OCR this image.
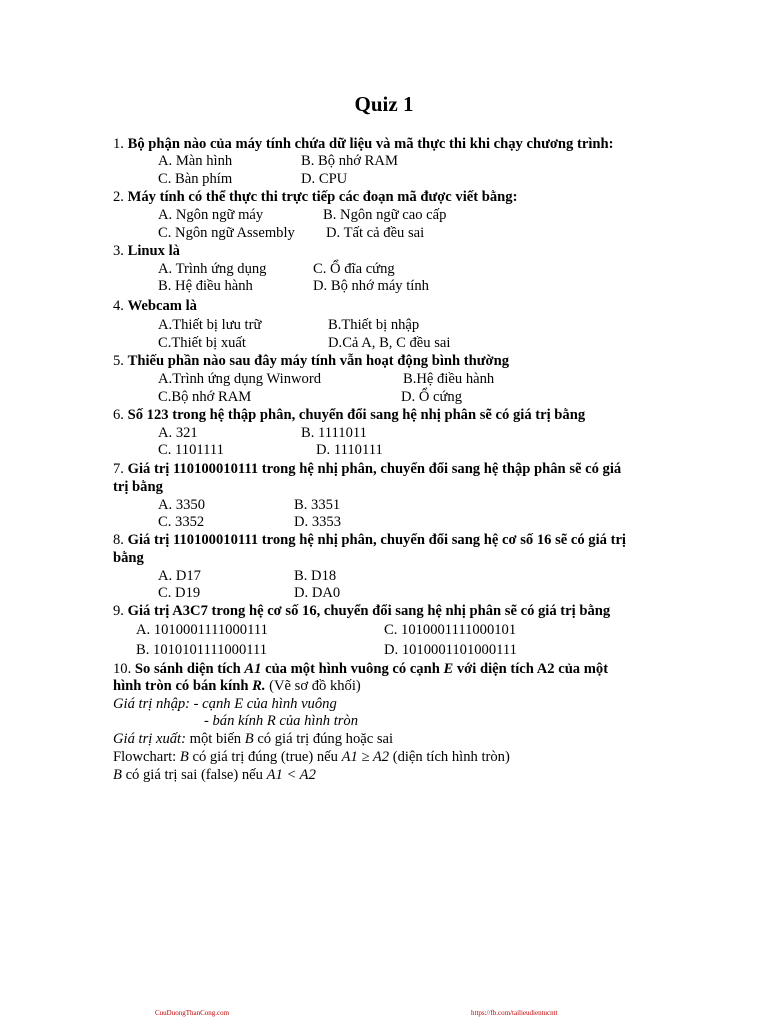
Quiz 1
1. Bộ phận nào của máy tính chứa dữ liệu và mã thực thi khi chạy chương trình:
A. Màn hình	B. Bộ nhớ RAM
C. Bàn phím	D. CPU
2. Máy tính có thể thực thi trực tiếp các đoạn mã được viết bằng:
A. Ngôn ngữ máy	B. Ngôn ngữ cao cấp
C. Ngôn ngữ Assembly D. Tất cả đều sai
3. Linux là
A. Trình ứng dụng	C. Ổ đĩa cứng
B. Hệ điều hành	D. Bộ nhớ máy tính
4. Webcam là
A.Thiết bị lưu trữ	B.Thiết bị nhập
C.Thiết bị xuất	D.Cả A, B, C đều sai
5. Thiếu phần nào sau đây máy tính vẫn hoạt động bình thường
A.Trình ứng dụng Winword	B.Hệ điều hành
C.Bộ nhớ RAM	D. Ổ cứng
6. Số 123 trong hệ thập phân, chuyển đổi sang hệ nhị phân sẽ có giá trị bằng
A. 321	B. 1111011
C. 1101111	D. 1110111
7. Giá trị 110100010111 trong hệ nhị phân, chuyển đổi sang hệ thập phân sẽ có giá
trị bằng
A. 3350	B. 3351
C. 3352	D. 3353
8. Giá trị 110100010111 trong hệ nhị phân, chuyển đổi sang hệ cơ số 16 sẽ có giá trị
bằng
A. D17	B. D18
C. D19	D. DA0
9. Giá trị A3C7 trong hệ cơ số 16, chuyển đổi sang hệ nhị phân sẽ có giá trị bằng
A. 1010001111000111	C. 1010001111000101
B. 1010101111000111	D. 1010001101000111
10. So sánh diện tích A1 của một hình vuông có cạnh E với diện tích A2 của một
hình tròn có bán kính R. (Vẽ sơ đồ khối)
Giá trị nhập: - cạnh E của hình vuông
- bán kính R của hình tròn
Giá trị xuất: một biến B có giá trị đúng hoặc sai
Flowchart: B có giá trị đúng (true) nếu A1 ≥ A2 (diện tích hình tròn)
B có giá trị sai (false) nếu A1 < A2
CuuDuongThanCong.com	https://fb.com/tailieudientucntt
